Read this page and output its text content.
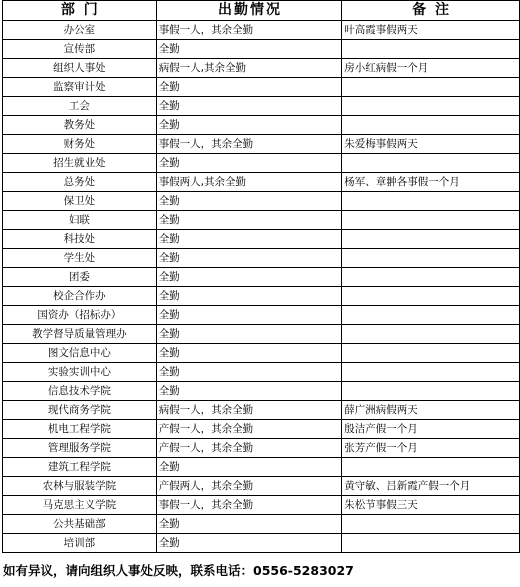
部 门	出勤情况	备 注
办公室	事假一人，其余全勤	叶高霞事假两天
宣传部	全勤	
组织人事处	病假一人,其余全勤	房小红病假一个月
监察审计处	全勤	
工会	全勤	
教务处	全勤	
财务处	事假一人，其余全勤	朱爱梅事假两天
招生就业处	全勤	
总务处	事假两人,其余全勤	杨军、章翀各事假一个月
保卫处	全勤	
妇联	全勤	
科技处	全勤	
学生处	全勤	
团委	全勤	
校企合作办	全勤	
国资办（招标办）	全勤	
教学督导质量管理办	全勤	
图文信息中心	全勤	
实验实训中心	全勤	
信息技术学院	全勤	
现代商务学院	病假一人，其余全勤	薛广洲病假两天
机电工程学院	产假一人，其余全勤	殷洁产假一个月
管理服务学院	产假一人，其余全勤	张芳产假一个月
建筑工程学院	全勤	
农林与服装学院	产假两人，其余全勤	黄守敏、吕新霞产假一个月
马克思主义学院	事假一人，其余全勤	朱松节事假三天
公共基础部	全勤	
培训部	全勤	
如有异议，请向组织人事处反映，联系电话：0556-5283027
